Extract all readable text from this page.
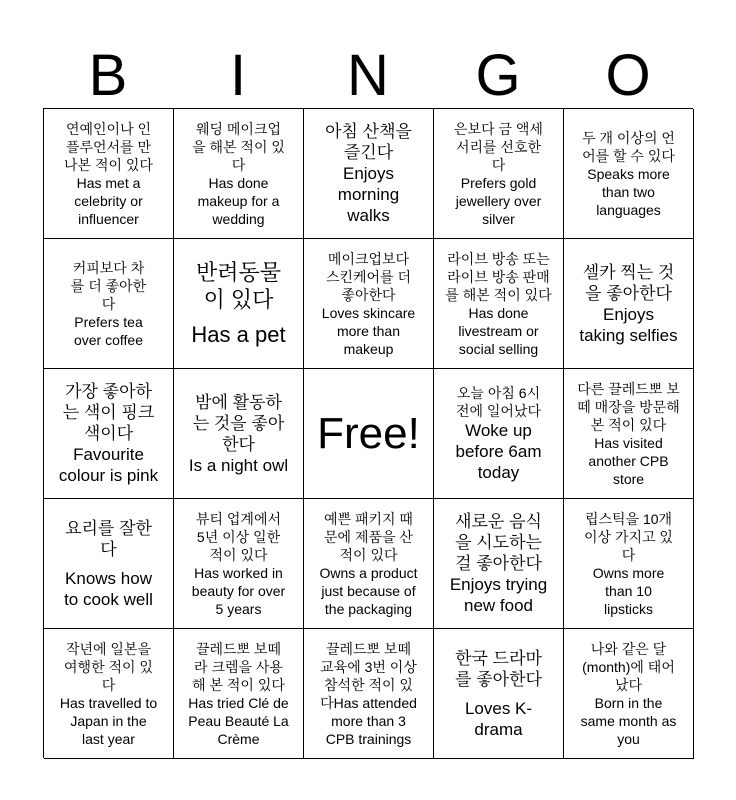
B	I	N	G	O
연예인이나 인
플루언서를 만
나본 적이 있다
Has met a
celebrity or
influencer
웨딩 메이크업
을 해본 적이 있
다
Has done
makeup for a
wedding
아침 산책을
즐긴다
Enjoys
morning
walks
은보다 금 액세
서리를 선호한
다
Prefers gold
jewellery over
silver
두 개 이상의 언
어를 할 수 있다
Speaks more
than two
languages
커피보다 차
를 더 좋아한
다
Prefers tea
over coffee
반려동물
이 있다
Has a pet
메이크업보다
스킨케어를 더
좋아한다
Loves skincare
more than
makeup
라이브 방송 또는
라이브 방송 판매
를 해본 적이 있다
Has done
livestream or
social selling
셀카 찍는 것
을 좋아한다
Enjoys
taking selfies
가장 좋아하
는 색이 핑크
색이다
Favourite
colour is pink
밤에 활동하
는 것을 좋아
한다
Is a night owl
Free!
오늘 아침 6시
전에 일어났다
Woke up
before 6am
today
다른 끌레드뽀 보
떼 매장을 방문해
본 적이 있다
Has visited
another CPB
store
요리를 잘한
다
Knows how
to cook well
뷰티 업계에서
5년 이상 일한
적이 있다
Has worked in
beauty for over
5 years
예쁜 패키지 때
문에 제품을 산
적이 있다
Owns a product
just because of
the packaging
새로운 음식
을 시도하는
걸 좋아한다
Enjoys trying
new food
립스틱을 10개
이상 가지고 있
다
Owns more
than 10
lipsticks
작년에 일본을
여행한 적이 있
다
Has travelled to
Japan in the
last year
끌레드뽀 보떼
라 크렘을 사용
해 본 적이 있다
Has tried Clé de
Peau Beauté La
Crème
끌레드뽀 보떼
교육에 3번 이상
참석한 적이 있
다Has attended
more than 3
CPB trainings
한국 드라마
를 좋아한다
Loves K-
drama
나와 같은 달
(month)에 태어
났다
Born in the
same month as
you
